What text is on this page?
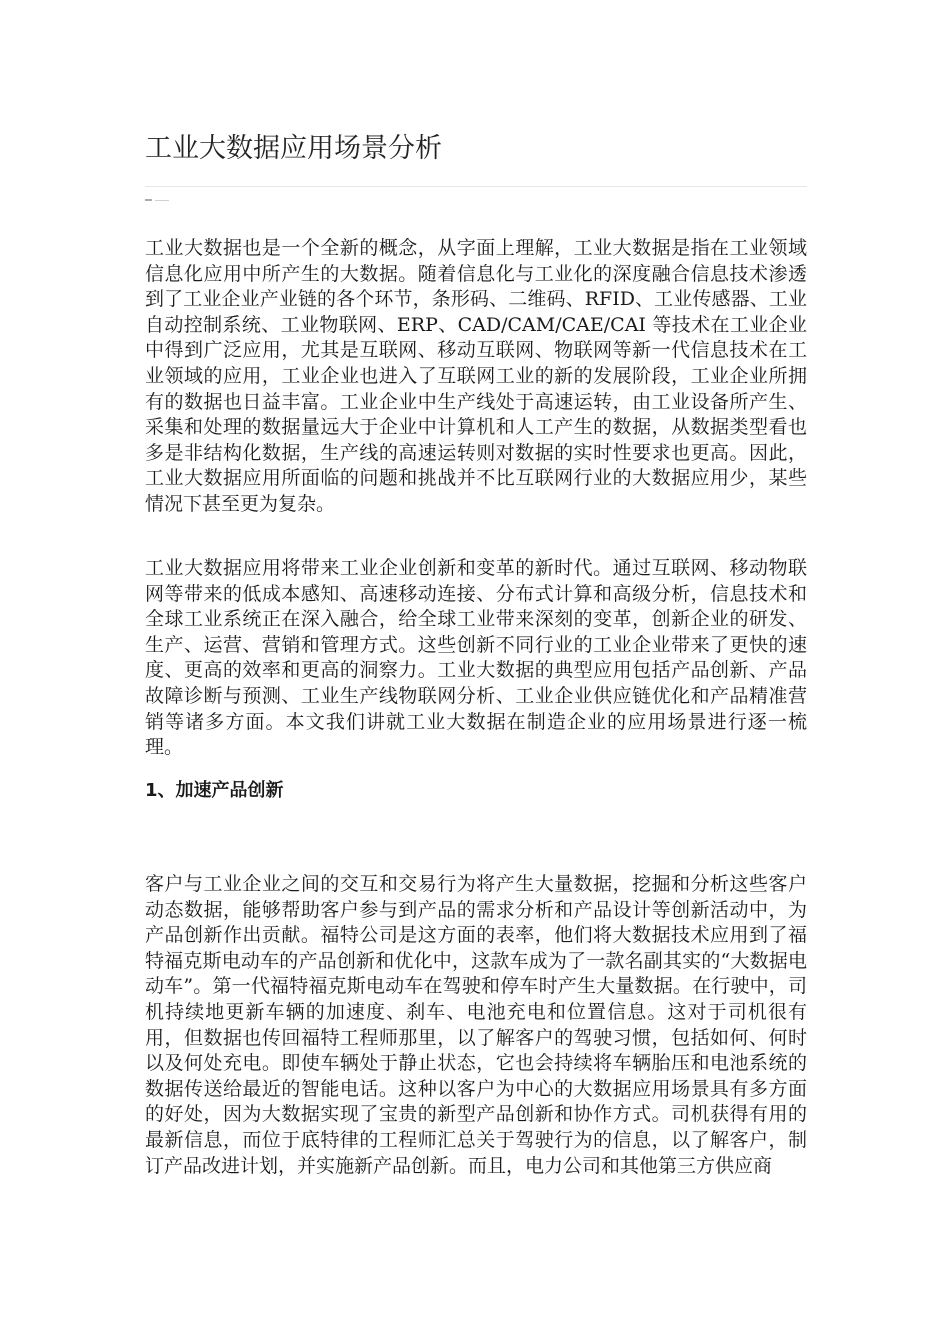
工业大数据应用场景分析

工业大数据也是一个全新的概念，从字面上理解，工业大数据是指在工业领域信息化应用中所产生的大数据。随着信息化与工业化的深度融合信息技术渗透到了工业企业产业链的各个环节，条形码、二维码、RFID、工业传感器、工业自动控制系统、工业物联网、ERP、CAD/CAM/CAE/CAI 等技术在工业企业中得到广泛应用，尤其是互联网、移动互联网、物联网等新一代信息技术在工业领域的应用，工业企业也进入了互联网工业的新的发展阶段，工业企业所拥有的数据也日益丰富。工业企业中生产线处于高速运转，由工业设备所产生、采集和处理的数据量远大于企业中计算机和人工产生的数据，从数据类型看也多是非结构化数据，生产线的高速运转则对数据的实时性要求也更高。因此，工业大数据应用所面临的问题和挑战并不比互联网行业的大数据应用少，某些情况下甚至更为复杂。

工业大数据应用将带来工业企业创新和变革的新时代。通过互联网、移动物联网等带来的低成本感知、高速移动连接、分布式计算和高级分析，信息技术和全球工业系统正在深入融合，给全球工业带来深刻的变革，创新企业的研发、生产、运营、营销和管理方式。这些创新不同行业的工业企业带来了更快的速度、更高的效率和更高的洞察力。工业大数据的典型应用包括产品创新、产品故障诊断与预测、工业生产线物联网分析、工业企业供应链优化和产品精准营销等诸多方面。本文我们讲就工业大数据在制造企业的应用场景进行逐一梳理。

1、加速产品创新

客户与工业企业之间的交互和交易行为将产生大量数据，挖掘和分析这些客户动态数据，能够帮助客户参与到产品的需求分析和产品设计等创新活动中，为产品创新作出贡献。福特公司是这方面的表率，他们将大数据技术应用到了福特福克斯电动车的产品创新和优化中，这款车成为了一款名副其实的“大数据电动车”。第一代福特福克斯电动车在驾驶和停车时产生大量数据。在行驶中，司机持续地更新车辆的加速度、刹车、电池充电和位置信息。这对于司机很有用，但数据也传回福特工程师那里，以了解客户的驾驶习惯，包括如何、何时以及何处充电。即使车辆处于静止状态，它也会持续将车辆胎压和电池系统的数据传送给最近的智能电话。这种以客户为中心的大数据应用场景具有多方面的好处，因为大数据实现了宝贵的新型产品创新和协作方式。司机获得有用的最新信息，而位于底特律的工程师汇总关于驾驶行为的信息，以了解客户，制订产品改进计划，并实施新产品创新。而且，电力公司和其他第三方供应商
